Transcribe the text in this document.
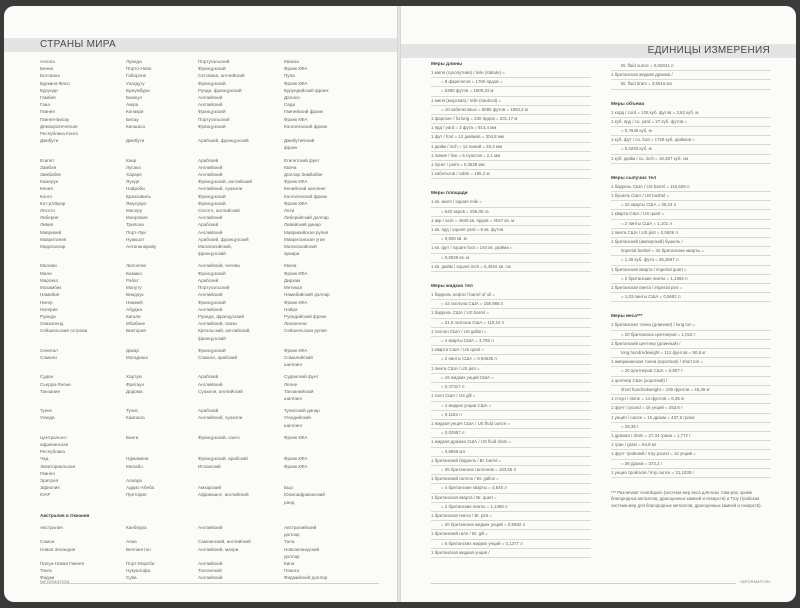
СТРАНЫ МИРА
Ангола	Луанда	Португальский	Кванза
Бенин	Порто-Ново	Французский	Франк КФА
Ботсвана	Габороне	Сетсвана, английский	Пула
Буркина-Фасо	Уагадугу	Французский	Франк КФА
Бурунди	Бужумбура	Рунди, французский	Бурундийский франк
Гамбия	Банжул	Английский	Даласи
Гана	Аккра	Английский	Седи
Гвинея	Конакри	Французский	Гвинейский франк
Гвинея-Бисау	Бисау	Португальский	Франк КФА
Демократическая	Киншаса	Французский	Конголезский франк
Республика Конго
Джибути	Джибути	Арабский, французский	Джибутийский
франк
Египет	Каир	Арабский	Египетский фунт
Замбия	Лусака	Английский	Квача
Зимбабве	Хараре	Английский	Доллар Зимбабве
Камерун	Яунде	Французский, английский	Франк КФА
Кения	Найроби	Английский, суахили	Кенийский шиллинг
Конго	Браззавиль	Французский	Конголезский франк
Кот-д'Ивуар	Ямусукро	Французский	Франк КФА
Лесото	Масеру	Сесото, английский	Лоти
Либерия	Монровия	Английский	Либерийский доллар
Ливия	Триполи	Арабский	Ливийский динар
Маврикий	Порт-Луи	Английский	Маврикийская рупия
Мавритания	Нуакшот	Арабский, французский	Мавританская угия
Мадагаскар	Антананариву	Малагасийский,	Малагасийский
французский	ариари
Малави	Лилонгве	Английский, чичева	Квача
Мали	Бамако	Французский	Франк КФА
Марокко	Рабат	Арабский	Дирхам
Мозамбик	Мапуту	Португальский	Метикал
Намибия	Виндхук	Английский	Намибийский доллар
Нигер	Ниамей	Французский	Франк КФА
Нигерия	Абуджа	Английский	Найра
Руанда	Кигали	Руанда, французский	Руандийский франк
Свазиленд	Мбабане	Английский, свази	Лилангени
Сейшельские острова	Виктория	Креольский, английский,	Сейшельская рупия
французский
Сенегал	Дакар	Французский	Франк КФА
Сомали	Могадишо	Сомали, арабский	Сомалийский
шиллинг
Судан	Хартум	Арабский	Суданский фунт
Сьерра-Леоне	Фритаун	Английский	Леоне
Танзания	Додома	Суахили, английский	Танзанийский
шиллинг
Тунис	Тунис	Арабский	Тунисский динар
Уганда	Кампала	Английский, суахили	Угандийский
шиллинг
Центрально-	Банги	Французский, санго	Франк КФА
африканская
Республика
Чад	Нджамена	Французский, арабский	Франк КФА
Экваториальная	Малабо	Испанский	Франк КФА
Гвинея
Эритрея	Асмэра
Эфиопия	Аддис-Абеба	Амхарский	Быр
ЮАР	Претория	Африкаанс, английский	Южноафриканский
ранд
Австралия и Океания
Австралия	Канберра	Английский	Австралийский
доллар
Самоа	Апиа	Самоанский, английский	Тала
Новая Зеландия	Веллингтон	Английский, маори	Новозеландский
доллар
Папуа-Новая Гвинея	Порт-Морсби	Английский	Кина
Тонга	Нукуалофа	Тонганский	Паанга
Фиджи	Сува	Английский	Фиджийский доллар
INFORMATION
ЕДИНИЦЫ ИЗМЕРЕНИЯ
Меры длины
1 миля (сухопутная) / mile (statute) =
= 8 фарлонгов = 1760 ярдов =
= 5280 футов = 1609,34 м
1 миля (морская) / mile (nautical) =
= 10 кабельтовых = 6080 футов = 1853,2 м
1 фарлонг / furlong = 220 ярдов = 201,17 м
1 ярд / yard = 3 фута = 914,4 мм
1 фут / foot = 12 дюймов = 304,8 мм
1 дюйм / inch = 12 линий = 25,4 мм
1 линия / line = 6 пунктов = 2,1 мм
1 пункт / point = 0,3528 мм
1 кабельтов / cable = 185,2 м
Меры площади
1 кв. миля / square mile =
= 640 акров = 259,00 га
1 акр / acre = 4840 кв. ярдов = 4047 кв. м
1 кв. ярд / square yard = 9 кв. футов
= 0,836 кв. м
1 кв. фут / square foot = 144 кв. дюйма =
= 0,0929 кв. м
1 кв. дюйм / square inch = 6,4516 кв. см
Меры жидких тел
1 баррель нефти / barrel of oil =
= 42 галлона США = 158,988 л
1 баррель США / US barrel =
= 31,5 галлона США = 119,24 л
1 галлон США / US gallon =
= 4 кварты США = 3,785 л
1 кварта США / US quart =
= 2 пинты США = 0,94635 л
1 пинта США / US pint =
= 16 жидких унций США =
= 0,47317 л
1 гилл США / US gill =
= 4 жидких унции США =
= 0,1183 л
1 жидкая унция США / US fluid ounce =
= 0,02957 л
1 жидкая драхма США / US fluid dram =
= 3,6966 мл
1 британский баррель / Br. barrel =
= 36 британских галлонов = 163,65 л
1 британский галлон / Br. gallon =
= 4 британские кварты = 4,546 л
1 британская кварта / Br. quart =
= 2 британские пинты = 1,1365 л
1 британская пинта / Br. pint =
= 20 британских жидких унций = 0,5682 л
1 британский гилл / Br. gill =
= 5 британских жидких унций = 0,1377 л
1 британская жидкая унция /
Br. fluid ounce = 0,02841 л
1 британская жидкая драхма /
Br. fluid dram = 3,5516 мл
Меры объема
1 корд / cord = 128 куб. футов = 3,62 куб. м
1 куб. ярд / cu. yard = 27 куб. футов =
= 0,7645 куб. м
1 куб. фут / cu. foot = 1728 куб. дюймов =
= 0,0283 куб. м
1 куб. дюйм / cu. inch = 16,387 куб. см
Меры сыпучих тел
1 баррель США / US barrel = 115,628 л
1 бушель США / US bushel =
= 32 кварты США = 35,24 л
1 кварта США / US quart =
= 2 пинты США = 1,101 л
1 пинта США / US pint = 0,5506 л
1 британский (имперский) бушель /
imperial bushel = 32 британские кварты =
= 1,28 куб. фута = 36,3687 л
1 британская кварта / imperial quart =
= 2 британские пинты = 1,1365 л
1 британская пинта / imperial pint =
= 1,03 пинты США = 0,5682 л
Меры веса***
1 британская тонна (длинная) / long ton =
= 20 британских центнеров = 1,016 т
1 британский центнер (длинный) /
long hundredweight = 112 фунтов = 50,8 кг
1 американская тонна (короткая) / short ton =
= 20 центнеров США = 0,907 т
1 центнер США (короткий) /
short hundredweight = 100 фунтов = 45,36 кг
1 стоун / stone = 14 фунтов = 6,35 кг
1 фунт / pound = 16 унций = 453,6 г
1 унция / ounce = 16 драхм = 437,5 грана
= 28,35 г
1 драхма / dram = 27,34 грана = 1,772 г
1 гран / grain = 64,8 мг
1 фунт тройский / troy pound = 12 унций =
= 36 драхм = 373,2 г
1 унция тройская / troy ounce = 31,1035 г
*** Различают Avoirdupois (система мер веса для всех това-ров, кроме благородных металлов, драгоценных камней и лекарств) и Troy (тройская система мер для благородных металлов, драгоценных камней и лекарств).
INFORMATION
